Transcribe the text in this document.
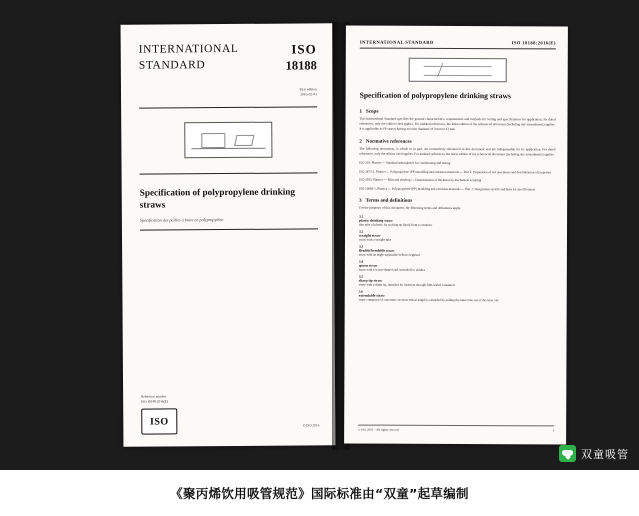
INTERNATIONAL
STANDARD
ISO
18188
First edition
2016-02-01
Specification of polypropylene drinking straws
Spécification des pailles à boire en polypropylène
Reference number
ISO 18188:2016(E)
ISO	© ISO 2016
INTERNATIONAL STANDARD	ISO 18188:2016(E)
Specification of polypropylene drinking straws
1 Scope
This International Standard specifies the general characteristics, requirements and methods for testing and specifications for application, for dated references, only the edition cited applies. For undated references, the latest edition of the referenced document (including any amendments) applies. It is applicable to PP straws having an inner diameter of 3 mm to 12 mm.
2 Normative references
The following documents, in whole or in part, are normatively referenced in this document and are indispensable for its application. For dated references, only the edition cited applies. For undated references, the latest edition of the referenced document (including any amendments) applies.
ISO 291, Plastics — Standard atmospheres for conditioning and testing
ISO 1873-2, Plastics — Polypropylene (PP) moulding and extrusion materials — Part 2: Preparation of test specimens and determination of properties
ISO 4593, Plastics — Film and sheeting — Determination of thickness by mechanical scanning
ISO 19069-1, Plastics — Polypropylene (PP) moulding and extrusion materials — Part 1: Designation system and basis for specifications
3 Terms and definitions
For the purposes of this document, the following terms and definitions apply.
3.1
plastic drinking straw
thin tube of plastic for sucking up liquid from a container
3.2
straight straw
straw with a straight tube
3.3
flexible/bendable straw
straw with an angle-adjustable bellows segment
3.4
spoon straw
straw with a scoop-shaped end, intended for slushes
3.5
sharp tip straw
straw with a sharp tip, intended for insertion through film-sealed containers
3.6
extendable straw
straw composed of concentric sections whose length is extended by pulling the inner tube out of the outer one
© ISO 2016 – All rights reserved	1
双童吸管
《聚丙烯饮用吸管规范》国际标准由“双童”起草编制
